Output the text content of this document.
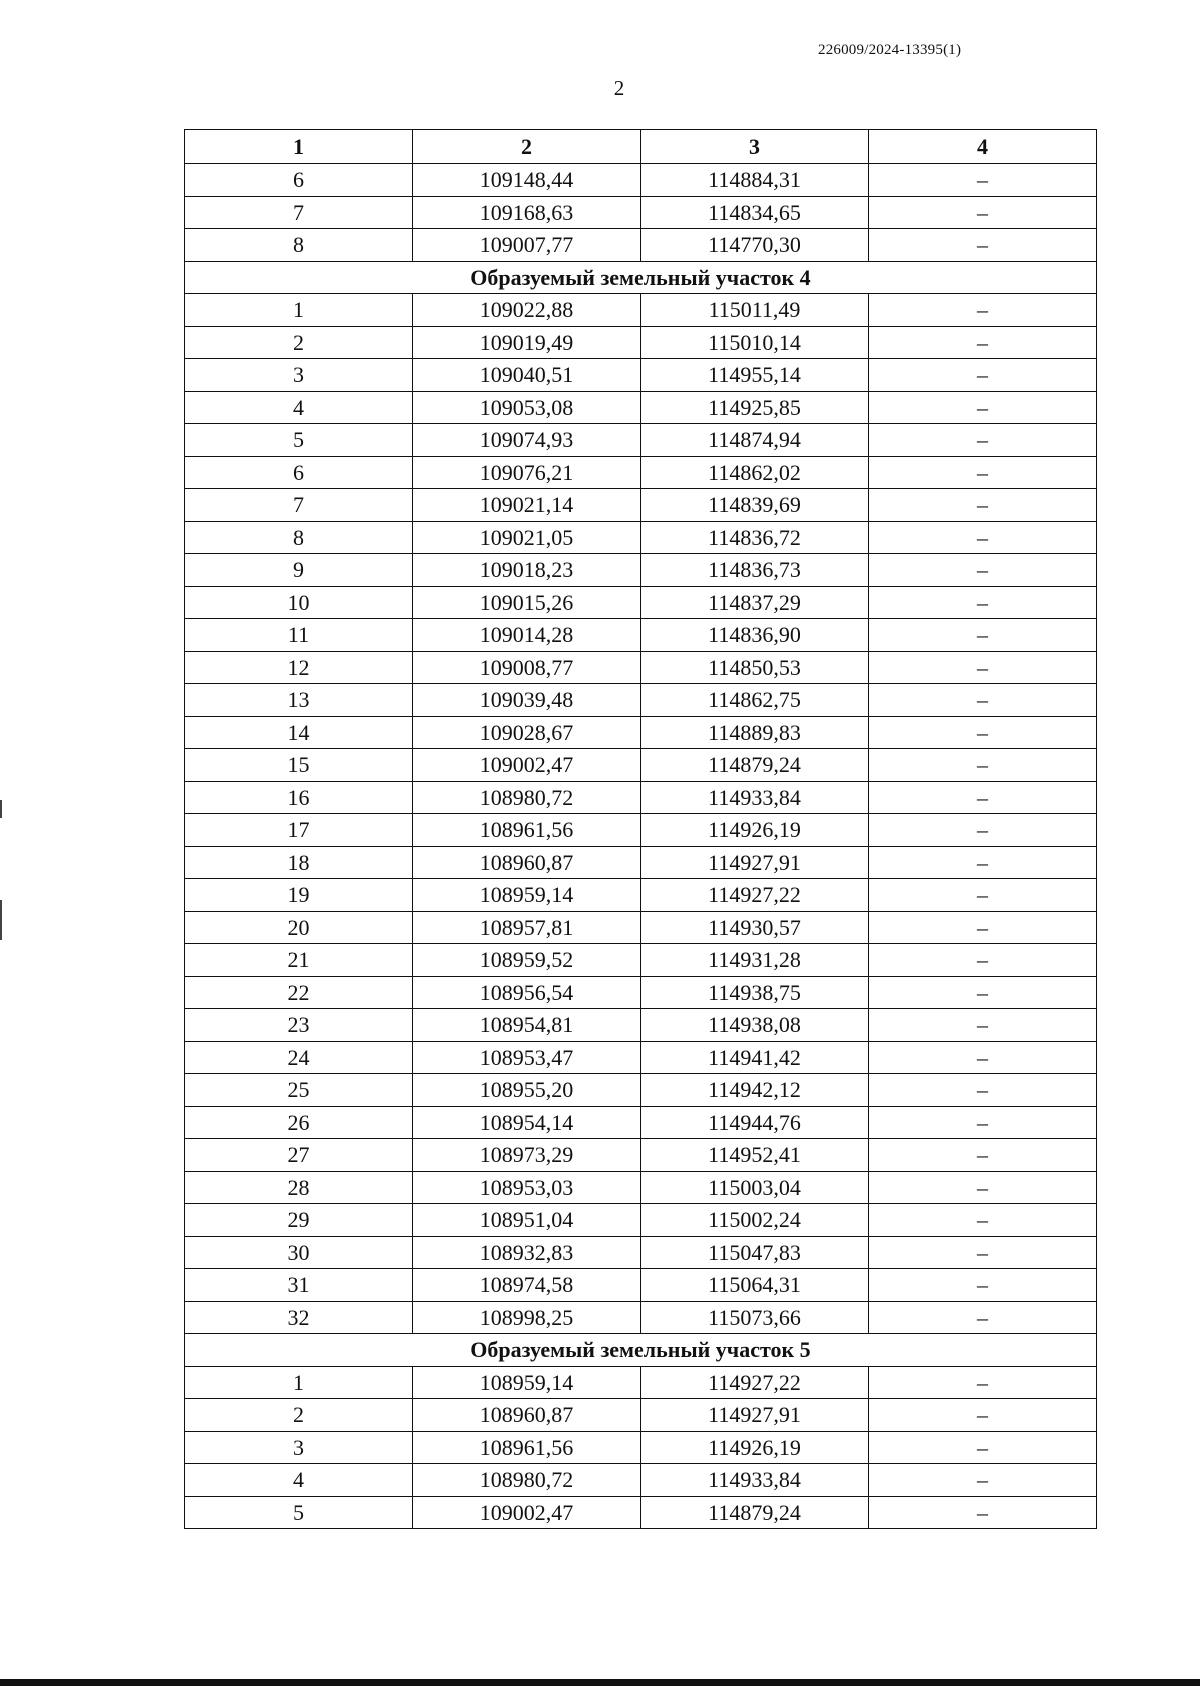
226009/2024-13395(1)
2
1	2	3	4
6	109148,44	114884,31	–
7	109168,63	114834,65	–
8	109007,77	114770,30	–
Образуемый земельный участок 4			
1	109022,88	115011,49	–
2	109019,49	115010,14	–
3	109040,51	114955,14	–
4	109053,08	114925,85	–
5	109074,93	114874,94	–
6	109076,21	114862,02	–
7	109021,14	114839,69	–
8	109021,05	114836,72	–
9	109018,23	114836,73	–
10	109015,26	114837,29	–
11	109014,28	114836,90	–
12	109008,77	114850,53	–
13	109039,48	114862,75	–
14	109028,67	114889,83	–
15	109002,47	114879,24	–
16	108980,72	114933,84	–
17	108961,56	114926,19	–
18	108960,87	114927,91	–
19	108959,14	114927,22	–
20	108957,81	114930,57	–
21	108959,52	114931,28	–
22	108956,54	114938,75	–
23	108954,81	114938,08	–
24	108953,47	114941,42	–
25	108955,20	114942,12	–
26	108954,14	114944,76	–
27	108973,29	114952,41	–
28	108953,03	115003,04	–
29	108951,04	115002,24	–
30	108932,83	115047,83	–
31	108974,58	115064,31	–
32	108998,25	115073,66	–
Образуемый земельный участок 5			
1	108959,14	114927,22	–
2	108960,87	114927,91	–
3	108961,56	114926,19	–
4	108980,72	114933,84	–
5	109002,47	114879,24	–
